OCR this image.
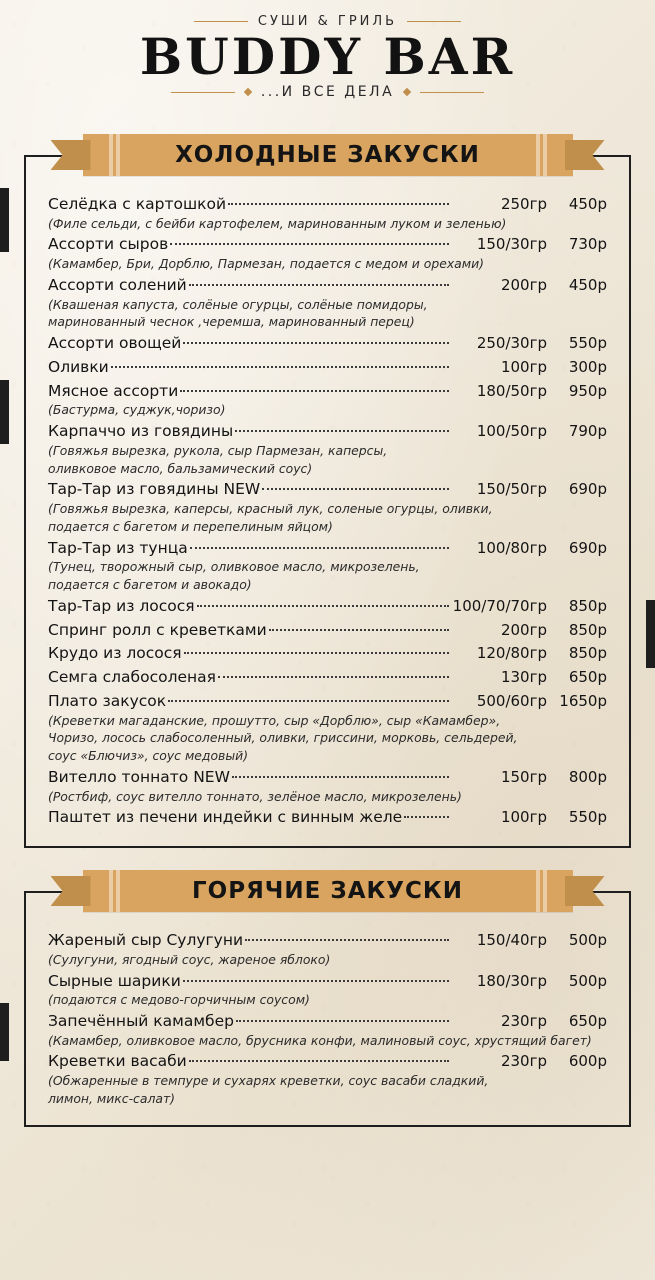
СУШИ & ГРИЛЬ
BUDDY BAR
...И ВСЕ ДЕЛА
ХОЛОДНЫЕ ЗАКУСКИ
Селёдка с картошкой	250гр	450р
(Филе сельди, с бейби картофелем, маринованным луком и зеленью)
Ассорти сыров	150/30гр	730р
(Камамбер, Бри, Дорблю, Пармезан, подается с медом и орехами)
Ассорти солений	200гр	450р
(Квашеная капуста, солёные огурцы, солёные помидоры,
маринованный чеснок ,черемша, маринованный перец)
Ассорти овощей	250/30гр	550р
Оливки	100гр	300р
Мясное ассорти	180/50гр	950р
(Бастурма, суджук,чоризо)
Карпаччо из говядины	100/50гр	790р
(Говяжья вырезка, рукола, сыр Пармезан, каперсы,
оливковое масло, бальзамический соус)
Тар-Тар из говядины NEW	150/50гр	690р
(Говяжья вырезка, каперсы, красный лук, соленые огурцы, оливки,
подается с багетом и перепелиным яйцом)
Тар-Тар из тунца	100/80гр	690р
(Тунец, творожный сыр, оливковое масло, микрозелень,
подается с багетом и авокадо)
Тар-Тар из лосося	100/70/70гр	850р
Спринг ролл с креветками	200гр	850р
Крудо из лосося	120/80гр	850р
Семга слабосоленая	130гр	650р
Плато закусок	500/60гр 1650р
(Креветки магаданские, прошутто, сыр «Дорблю», сыр «Камамбер»,
Чоризо, лосось слабосоленный, оливки, гриссини, морковь, сельдерей,
соус «Блючиз», соус медовый)
Вителло тоннато NEW	150гр	800р
(Ростбиф, соус вителло тоннато, зелёное масло, микрозелень)
Паштет из печени индейки с винным желе	100гр	550р
ГОРЯЧИЕ ЗАКУСКИ
Жареный сыр Сулугуни	150/40гр	500р
(Сулугуни, ягодный соус, жареное яблоко)
Сырные шарики	180/30гр	500р
(подаются с медово-горчичным соусом)
Запечённый камамбер	230гр	650р
(Камамбер, оливковое масло, брусника конфи, малиновый соус, хрустящий багет)
Креветки васаби	230гр	600р
(Обжаренные в темпуре и сухарях креветки, соус васаби сладкий,
лимон, микс-салат)
